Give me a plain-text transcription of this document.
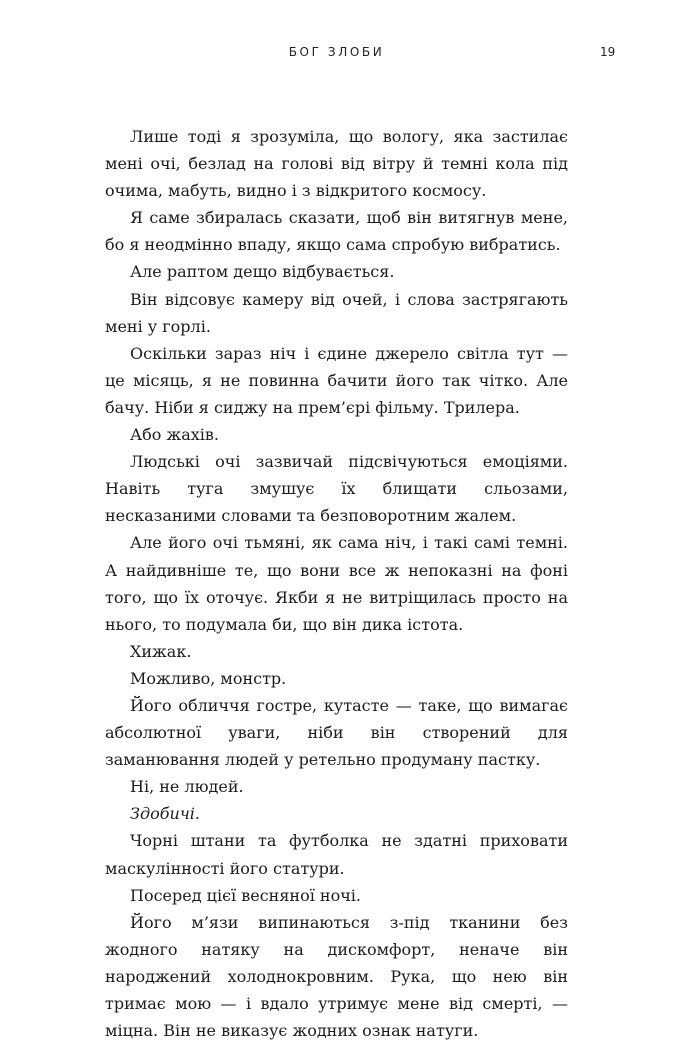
БОГ ЗЛОБИ	19

Лише тоді я зрозуміла, що вологу, яка застилає мені очі, безлад на голові від вітру й темні кола під очима, мабуть, видно і з відкритого космосу.

Я саме збиралась сказати, щоб він витягнув мене, бо я неодмінно впаду, якщо сама спробую вибратись.

Але раптом дещо відбувається.

Він відсовує камеру від очей, і слова застрягають мені у горлі.

Оскільки зараз ніч і єдине джерело світла тут — це місяць, я не повинна бачити його так чітко. Але бачу. Ніби я сиджу на прем’єрі фільму. Трилера.

Або жахів.

Людські очі зазвичай підсвічуються емоціями. Навіть туга змушує їх блищати сльозами, несказаними словами та безповоротним жалем.

Але його очі тьмяні, як сама ніч, і такі самі темні. А найдивніше те, що вони все ж непоказні на фоні того, що їх оточує. Якби я не витріщилась просто на нього, то подумала би, що він дика істота.

Хижак.

Можливо, монстр.

Його обличчя гостре, кутасте — таке, що вимагає абсолютної уваги, ніби він створений для заманювання людей у ретельно продуману пастку.

Ні, не людей.

Здобичі.

Чорні штани та футболка не здатні приховати маскулінності його статури.

Посеред цієї весняної ночі.

Його м’язи випинаються з-під тканини без жодного натяку на дискомфорт, неначе він народжений холоднокровним. Рука, що нею він тримає мою — і вдало утримує мене від смерті, — міцна. Він не виказує жодних ознак натуги.
